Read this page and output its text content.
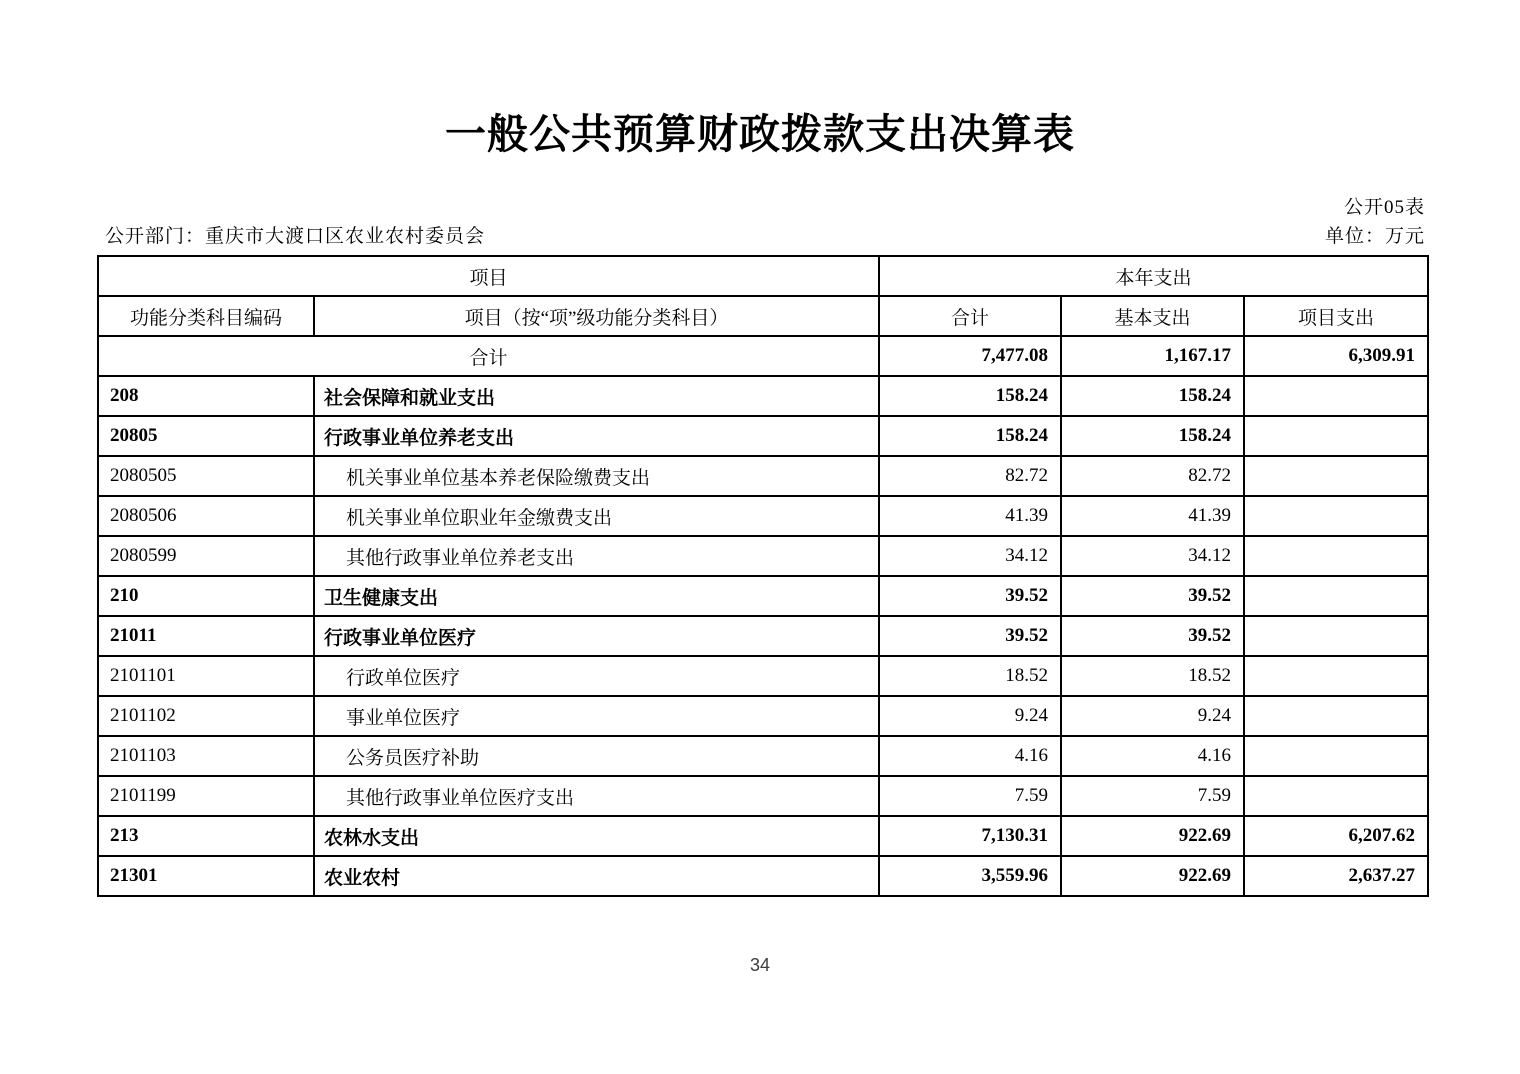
一般公共预算财政拨款支出决算表
公开05表
公开部门：重庆市大渡口区农业农村委员会	单位：万元
项目		本年支出		
功能分类科目编码	项目（按“项”级功能分类科目）	合计	基本支出	项目支出
合计		7,477.08	1,167.17	6,309.91
208	社会保障和就业支出	158.24	158.24	
20805	行政事业单位养老支出	158.24	158.24	
2080505	机关事业单位基本养老保险缴费支出	82.72	82.72	
2080506	机关事业单位职业年金缴费支出	41.39	41.39	
2080599	其他行政事业单位养老支出	34.12	34.12	
210	卫生健康支出	39.52	39.52	
21011	行政事业单位医疗	39.52	39.52	
2101101	行政单位医疗	18.52	18.52	
2101102	事业单位医疗	9.24	9.24	
2101103	公务员医疗补助	4.16	4.16	
2101199	其他行政事业单位医疗支出	7.59	7.59	
213	农林水支出	7,130.31	922.69	6,207.62
21301	农业农村	3,559.96	922.69	2,637.27
34
